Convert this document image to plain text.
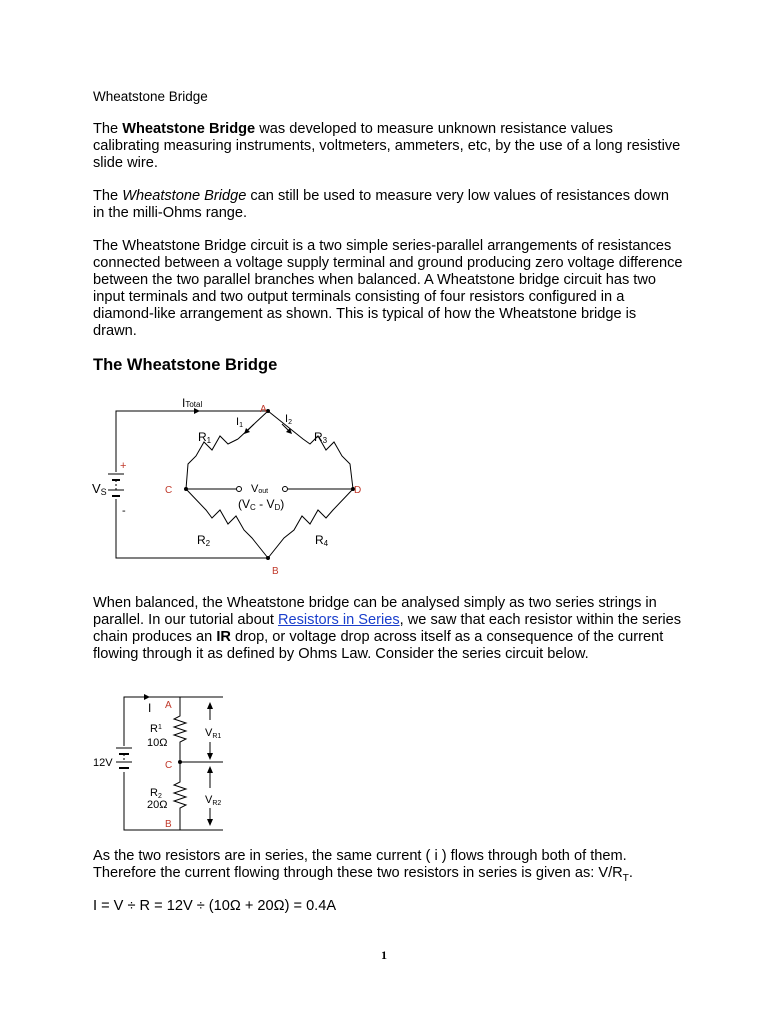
Wheatstone Bridge

The Wheatstone Bridge was developed to measure unknown resistance values calibrating measuring instruments, voltmeters, ammeters, etc, by the use of a long resistive slide wire.

The Wheatstone Bridge can still be used to measure very low values of resistances down in the milli-Ohms range.

The Wheatstone Bridge circuit is a two simple series-parallel arrangements of resistances connected between a voltage supply terminal and ground producing zero voltage difference between the two parallel branches when balanced. A Wheatstone bridge circuit has two input terminals and two output terminals consisting of four resistors configured in a diamond-like arrangement as shown. This is typical of how the Wheatstone bridge is drawn.

The Wheatstone Bridge
ITotal
I1
I2
R1	R3
R2	R4
A
B
C	D
+
-
VS	Vout
(VC - VD)

When balanced, the Wheatstone bridge can be analysed simply as two series strings in parallel. In our tutorial about Resistors in Series, we saw that each resistor within the series chain produces an IR drop, or voltage drop across itself as a consequence of the current flowing through it as defined by Ohms Law. Consider the series circuit below.

I A
C
B
$R^1$
10Ω
R2
20Ω
12V
VR1
VR2

As the two resistors are in series, the same current ( i ) flows through both of them. Therefore the current flowing through these two resistors in series is given as: $V/R_T$.

I = V ÷ R = 12V ÷ (10Ω + 20Ω) = 0.4A

1
